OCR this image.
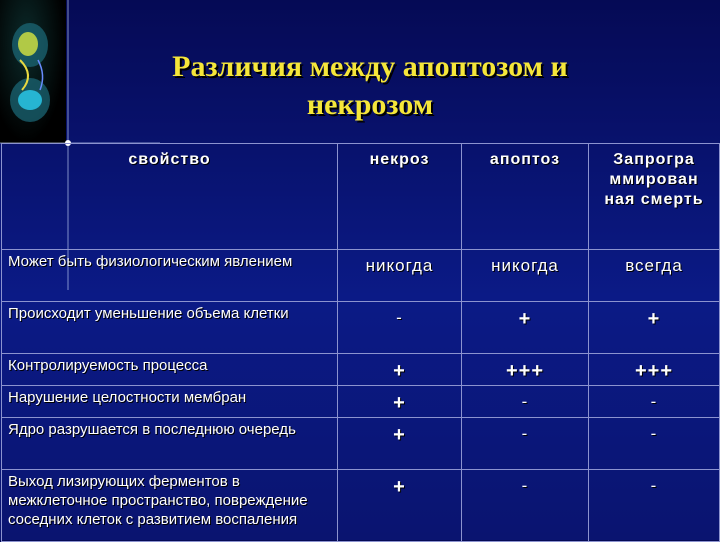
Различия между апоптозом и
некрозом
свойство	некроз	апоптоз	Запрогра ммирован ная смерть
Может быть физиологическим явлением	никогда	никогда	всегда
Происходит уменьшение объема клетки	-	+	+
Контролируемость процесса	+	+++	+++
Нарушение целостности мембран	+	-	-
Ядро разрушается в последнюю очередь	+	-	-
Выход лизирующих ферментов в межклеточное пространство, повреждение соседних клеток с развитием воспаления	+	-	-
